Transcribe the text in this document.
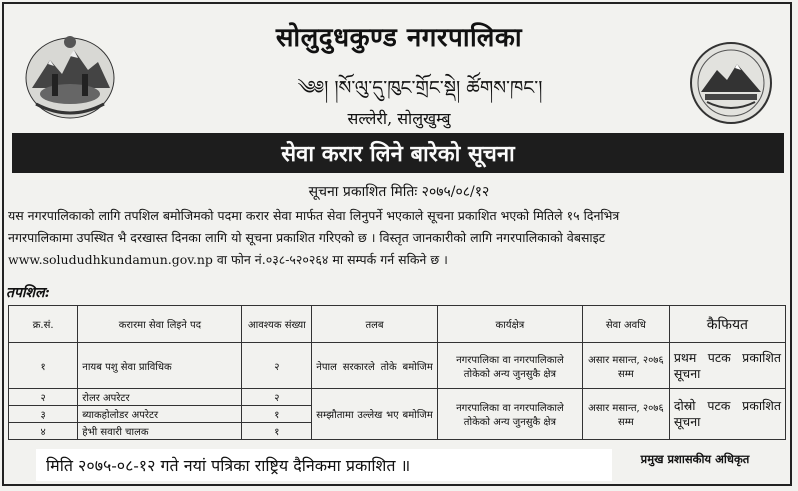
सोलुदुधकुण्ड नगरपालिका
༄༅། །སོ་ལུ་དུ་ཁུང་གྲོང་སྡེ། ཚོགས་ཁང་།
सल्लेरी, सोलुखुम्बु
सेवा करार लिने बारेको सूचना
सूचना प्रकाशित मितिः २०७५/०८/१२
यस नगरपालिकाको लागि तपशिल बमोजिमको पदमा करार सेवा मार्फत सेवा लिनुपर्ने भएकाले सूचना प्रकाशित भएको मितिले १५ दिनभित्र
नगरपालिकामा उपस्थित भै दरखास्त दिनका लागि यो सूचना प्रकाशित गरिएको छ । विस्तृत जानकारीको लागि नगरपालिकाको वेबसाइट
www.solududhkundamun.gov.np वा फोन नं.०३८-५२०२६४ मा सम्पर्क गर्न सकिने छ ।
तपशिल:
क्र.सं.	करारमा सेवा लिइने पद	आवश्यक संख्या	तलब	कार्यक्षेत्र	सेवा अवधि	कैफियत
१	नायब पशु सेवा प्राविधिक	२	नेपाल सरकारले तोके बमोजिम	नगरपालिका वा नगरपालिकाले तोकेको अन्य जुनसुकै क्षेत्र	असार मसान्त, २०७६ सम्म	प्रथम पटक प्रकाशित सूचना
२	रोलर अपरेटर	२	सम्झौतामा उल्लेख भए बमोजिम	नगरपालिका वा नगरपालिकाले तोकेको अन्य जुनसुकै क्षेत्र	असार मसान्त, २०७६ सम्म	दोस्रो पटक प्रकाशित सूचना
३	ब्याकहोलोडर अपरेटर	१				
४	हेभी सवारी चालक	१				
मिति २०७५-०८-१२ गते नयां पत्रिका राष्ट्रिय दैनिकमा प्रकाशित ॥	प्रमुख प्रशासकीय अधिकृत
